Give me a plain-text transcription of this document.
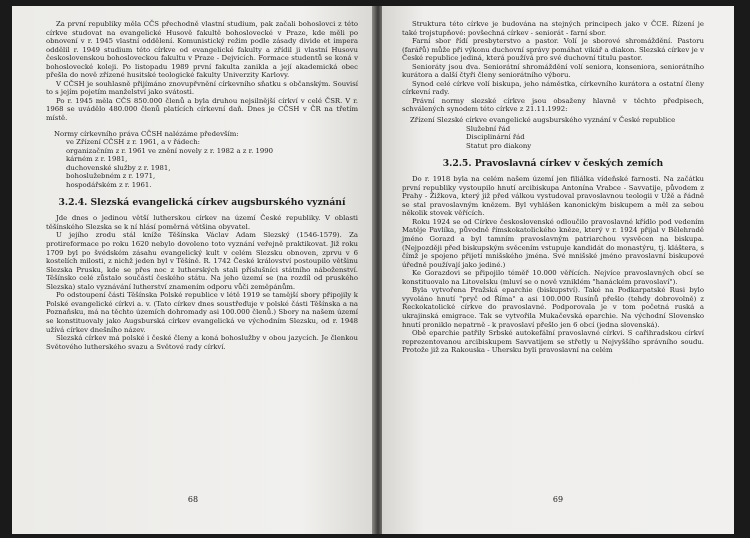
Za první republiky měla CČS přechodně vlastní studium, pak začali bohoslovci z této církve studovat na evangelické Husově fakultě bohoslovecké v Praze, kde měli po obnovení v r. 1945 vlastní oddělení. Komunistický režim podle zásady divide et impera oddělil r. 1949 studium této církve od evangelické fakulty a zřídil ji vlastní Husovu československou bohosloveckou fakultu v Praze - Dejvicích. Formace studentů se koná v bohoslovecké koleji. Po listopadu 1989 první fakulta zanikla a její akademická obec přešla do nově zřízené husitské teologické fakulty Univerzity Karlovy.

V CČSH je souhlasně přijímáno znovupřvnění církevního sňatku s občanským. Souvisí to s jejím pojetím manželství jako svátosti.

Po r. 1945 měla CČS 850.000 členů a byla druhou nejsilnější církví v celé ČSR. V r. 1968 se uvádělo 480.000 členů platících církevní daň. Dnes je CČSH v ČR na třetím místě.

Normy církevního práva CČSH nalézáme především:
ve Zřízení CČSH z r. 1961, a v řádech:
organizačním z r. 1961 ve znění novely z r. 1982 a z r. 1990
kárném z r. 1981,
duchovenské služby z r. 1981,
bohoslužebném z r. 1971,
hospodářském z r. 1961.
3.2.4. Slezská evangelická církev augsburského vyznání

Jde dnes o jedinou větší lutherskou církev na území České republiky. V oblasti těšínského Slezska se k ní hlásí poměrná většina obyvatel.

U jejího zrodu stál kníže Těšínska Václav Adam Slezský (1546-1579). Za protireformace po roku 1620 nebylo dovoleno toto vyznání veřejně praktikovat. Již roku 1709 byl po švédském zásahu evangelický kult v celém Slezsku obnoven, zprvu v 6 kostelích milosti, z nichž jeden byl v Těšíně. R. 1742 České království postoupilo většinu Slezska Prusku, kde se přes noc z lutherských stali příslušníci státního náboženství. Těšínsko celé zůstalo součástí českého státu. Na jeho území se (na rozdíl od pruského Slezska) stalo vyznávání lutherství znamením odporu vůči zeměpánům.

Po odstoupení části Těšínska Polské republice v létě 1919 se tamější sbory připojily k Polské evangelické církvi a. v. (Tato církev dnes soustřeďuje v polské části Těšínska a na Poznaňsku, má na těchto územích dohromady asi 100.000 členů.) Sbory na našem území se konstituovaly jako Augsburská církev evangelická ve východním Slezsku, od r. 1948 užívá církev dnešního název.

Slezská církev má polské i české členy a koná bohoslužby v obou jazycích. Je členkou Světového lutherského svazu a Světové rady církví.

68

Struktura této církve je budována na stejných principech jako v ČCE. Řízení je také trojstupňové: povšechná církev - seniorát - farní sbor.

Farní sbor řídí presbyterstvo a pastor. Volí je sborové shromáždění. Pastoru (farářů) může při výkonu duchovní správy pomáhat vikář a diakon. Slezská církev je v České republice jediná, která používá pro své duchovní titulu pastor.

Senioráty jsou dva. Seniorátní shromáždění volí seniora, konseniora, seniorátního kurátora a další čtyři členy seniorátního výboru.

Synod celé církve volí biskupa, jeho náměstka, církevního kurátora a ostatní členy církevní rady.

Právní normy slezské církve jsou obsaženy hlavně v těchto předpisech, schválených synodem této církve z 21.11.1992:

Zřízení Slezské církve evangelické augsburského vyznání v České republice
Služební řád
Disciplinární řád
Statut pro diakony
3.2.5. Pravoslavná církev v českých zemích

Do r. 1918 byla na celém našem území jen filiálka vídeňské farnosti. Na začátku první republiky vystoupilo hnutí arcibiskupa Antonína Vrabce - Savvatije, původem z Prahy - Žižkova, který již před válkou vystudoval pravoslavnou teologii v Užě a řádně se stal pravoslavným knězem. Byl vyhlášen kanonickým biskupem a měl za sebou několik stovek věřících.

Roku 1924 se od Církve československé odloučilo pravoslavné křídlo pod vedením Matěje Pavlíka, původně římskokatolického kněze, který v r. 1924 přijal v Bělehradě jméno Gorazd a byl tamním pravoslavným patriarchou vysvěcen na biskupa. (Nejpozději před biskupským svěcením vstupuje kandidát do monastýru, tj. kláštera, s čímž je spojeno přijetí mnišského jména. Své mnišské jméno pravoslavní biskupové úředně používají jako jediné.)

Ke Gorazdovi se připojilo téměř 10.000 věřících. Nejvíce pravoslavných obcí se konstituovalo na Litovelsku (mluví se o nově vzniklém "hanáckém pravoslaví").

Byla vytvořena Pražská eparchie (biskupství). Také na Podkarpatské Rusi bylo vyvoláno hnutí "pryč od Říma" a asi 100.000 Rusínů přešlo (tehdy dobrovolně) z Řeckokatolické církve do pravoslavné. Podporovala je v tom početná ruská a ukrajinská emigrace. Tak se vytvořila Mukačevská eparchie. Na východní Slovensko hnutí proniklo nepatrně - k pravoslaví přešlo jen 6 obcí (jedna slovenská).

Obě eparchie patřily Srbské autokefální pravoslavné církvi. S cařihradskou církví reprezentovanou arcibiskupem Savvatijem se střetly u Nejvyššího správního soudu. Protože již za Rakouska - Uhersku byli pravoslavní na celém

69
